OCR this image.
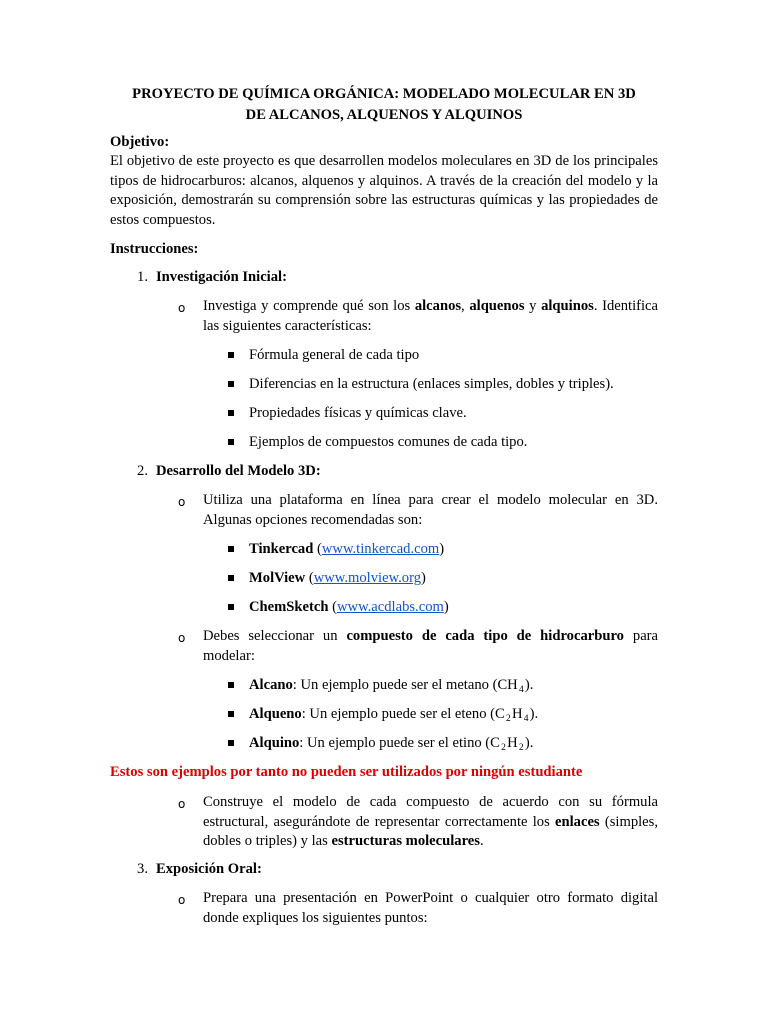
PROYECTO DE QUÍMICA ORGÁNICA: MODELADO MOLECULAR EN 3D
DE ALCANOS, ALQUENOS Y ALQUINOS
Objetivo:
El objetivo de este proyecto es que desarrollen modelos moleculares en 3D de los principales tipos de hidrocarburos: alcanos, alquenos y alquinos. A través de la creación del modelo y la exposición, demostrarán su comprensión sobre las estructuras químicas y las propiedades de estos compuestos.
Instrucciones:
1. Investigación Inicial:
o Investiga y comprende qué son los alcanos, alquenos y alquinos. Identifica las siguientes características:
Fórmula general de cada tipo
Diferencias en la estructura (enlaces simples, dobles y triples).
Propiedades físicas y químicas clave.
Ejemplos de compuestos comunes de cada tipo.
2. Desarrollo del Modelo 3D:
o Utiliza una plataforma en línea para crear el modelo molecular en 3D. Algunas opciones recomendadas son:
Tinkercad (www.tinkercad.com)
MolView (www.molview.org)
ChemSketch (www.acdlabs.com)
o Debes seleccionar un compuesto de cada tipo de hidrocarburo para modelar:
Alcano: Un ejemplo puede ser el metano (CH $_4$ ).
Alqueno: Un ejemplo puede ser el eteno (C $_2$ H $_4$ ).
Alquino: Un ejemplo puede ser el etino (C $_2$ H $_2$ ).
Estos son ejemplos por tanto no pueden ser utilizados por ningún estudiante
o Construye el modelo de cada compuesto de acuerdo con su fórmula estructural, asegurándote de representar correctamente los enlaces (simples, dobles o triples) y las estructuras moleculares.
3. Exposición Oral:
o Prepara una presentación en PowerPoint o cualquier otro formato digital donde expliques los siguientes puntos:
